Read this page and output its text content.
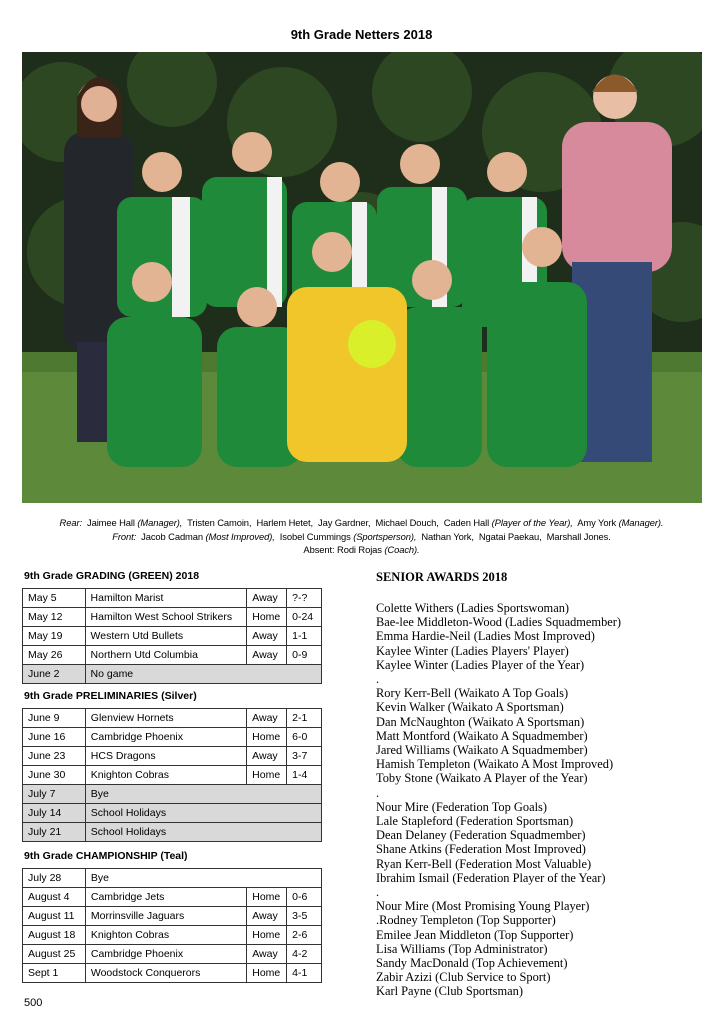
9th Grade Netters 2018
Rear: Jaimee Hall (Manager), Tristen Camoin, Harlem Hetet, Jay Gardner, Michael Douch, Caden Hall (Player of the Year), Amy York (Manager).
Front: Jacob Cadman (Most Improved), Isobel Cummings (Sportsperson), Nathan York, Ngatai Paekau, Marshall Jones.
Absent: Rodi Rojas (Coach).
9th Grade GRADING (GREEN) 2018
May 5	Hamilton Marist	Away	?-?
May 12	Hamilton West School Strikers	Home	0-24
May 19	Western Utd Bullets	Away	1-1
May 26	Northern Utd Columbia	Away	0-9
June 2	No game		
9th Grade PRELIMINARIES (Silver)
June 9	Glenview Hornets	Away	2-1
June 16	Cambridge Phoenix	Home	6-0
June 23	HCS Dragons	Away	3-7
June 30	Knighton Cobras	Home	1-4
July 7	Bye		
July 14	School Holidays		
July 21	School Holidays		
9th Grade CHAMPIONSHIP (Teal)
July 28	Bye		
August 4	Cambridge Jets	Home	0-6
August 11	Morrinsville Jaguars	Away	3-5
August 18	Knighton Cobras	Home	2-6
August 25	Cambridge Phoenix	Away	4-2
Sept 1	Woodstock Conquerors	Home	4-1
500
SENIOR AWARDS 2018
Colette Withers (Ladies Sportswoman)
Bae-lee Middleton-Wood (Ladies Squadmember)
Emma Hardie-Neil (Ladies Most Improved)
Kaylee Winter (Ladies Players' Player)
Kaylee Winter (Ladies Player of the Year)
.
Rory Kerr-Bell (Waikato A Top Goals)
Kevin Walker (Waikato A Sportsman)
Dan McNaughton (Waikato A Sportsman)
Matt Montford (Waikato A Squadmember)
Jared Williams (Waikato A Squadmember)
Hamish Templeton (Waikato A Most Improved)
Toby Stone (Waikato A Player of the Year)
.
Nour Mire (Federation Top Goals)
Lale Stapleford (Federation Sportsman)
Dean Delaney (Federation Squadmember)
Shane Atkins (Federation Most Improved)
Ryan Kerr-Bell (Federation Most Valuable)
Ibrahim Ismail (Federation Player of the Year)
.
Nour Mire (Most Promising Young Player)
.Rodney Templeton (Top Supporter)
Emilee Jean Middleton (Top Supporter)
Lisa Williams (Top Administrator)
Sandy MacDonald (Top Achievement)
Zabir Azizi (Club Service to Sport)
Karl Payne (Club Sportsman)
